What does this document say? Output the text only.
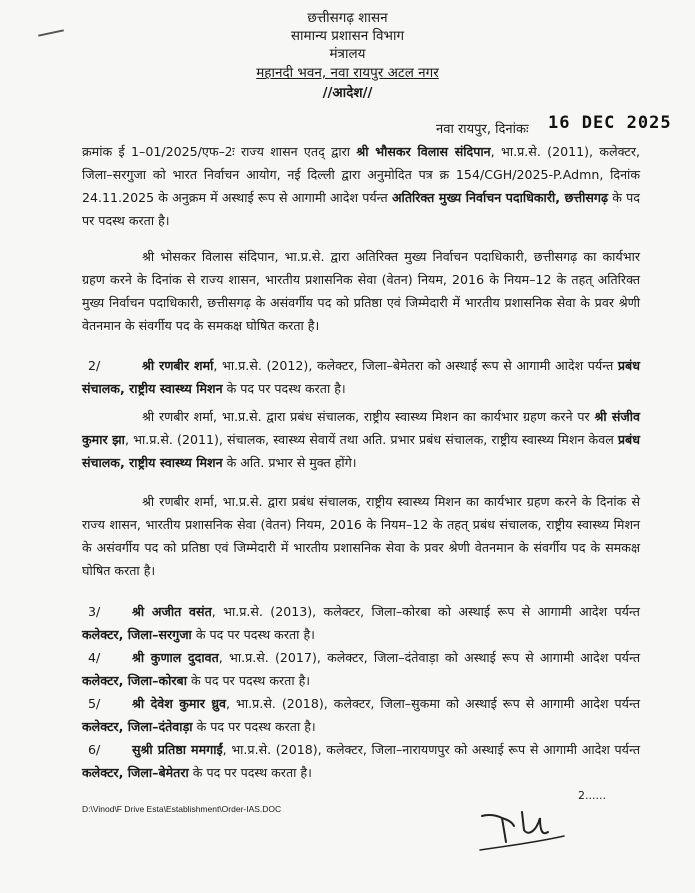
छत्तीसगढ़ शासन
सामान्य प्रशासन विभाग
मंत्रालय
महानदी भवन, नवा रायपुर अटल नगर
//आदेश//
नवा रायपुर, दिनांकः 16 DEC 2025
क्रमांक ई 1–01/2025/एफ–2ः राज्य शासन एतद् द्वारा श्री भौसकर विलास संदिपान, भा.प्र.से. (2011), कलेक्टर, जिला–सरगुजा को भारत निर्वाचन आयोग, नई दिल्ली द्वारा अनुमोदित पत्र क्र 154/CGH/2025-P.Admn, दिनांक 24.11.2025 के अनुक्रम में अस्थाई रूप से आगामी आदेश पर्यन्त अतिरिक्त मुख्य निर्वाचन पदाधिकारी, छत्तीसगढ़ के पद पर पदस्थ करता है।
श्री भोसकर विलास संदिपान, भा.प्र.से. द्वारा अतिरिक्त मुख्य निर्वाचन पदाधिकारी, छत्तीसगढ़ का कार्यभार ग्रहण करने के दिनांक से राज्य शासन, भारतीय प्रशासनिक सेवा (वेतन) नियम, 2016 के नियम–12 के तहत् अतिरिक्त मुख्य निर्वाचन पदाधिकारी, छत्तीसगढ़ के असंवर्गीय पद को प्रतिष्ठा एवं जिम्मेदारी में भारतीय प्रशासनिक सेवा के प्रवर श्रेणी वेतनमान के संवर्गीय पद के समकक्ष घोषित करता है।
2/	श्री रणबीर शर्मा, भा.प्र.से. (2012), कलेक्टर, जिला–बेमेतरा को अस्थाई रूप से आगामी आदेश पर्यन्त प्रबंध संचालक, राष्ट्रीय स्वास्थ्य मिशन के पद पर पदस्थ करता है।
श्री रणबीर शर्मा, भा.प्र.से. द्वारा प्रबंध संचालक, राष्ट्रीय स्वास्थ्य मिशन का कार्यभार ग्रहण करने पर श्री संजीव कुमार झा, भा.प्र.से. (2011), संचालक, स्वास्थ्य सेवायें तथा अति. प्रभार प्रबंध संचालक, राष्ट्रीय स्वास्थ्य मिशन केवल प्रबंध संचालक, राष्ट्रीय स्वास्थ्य मिशन के अति. प्रभार से मुक्त होंगे।
श्री रणबीर शर्मा, भा.प्र.से. द्वारा प्रबंध संचालक, राष्ट्रीय स्वास्थ्य मिशन का कार्यभार ग्रहण करने के दिनांक से राज्य शासन, भारतीय प्रशासनिक सेवा (वेतन) नियम, 2016 के नियम–12 के तहत् प्रबंध संचालक, राष्ट्रीय स्वास्थ्य मिशन के असंवर्गीय पद को प्रतिष्ठा एवं जिम्मेदारी में भारतीय प्रशासनिक सेवा के प्रवर श्रेणी वेतनमान के संवर्गीय पद के समकक्ष घोषित करता है।
3/	श्री अजीत वसंत, भा.प्र.से. (2013), कलेक्टर, जिला–कोरबा को अस्थाई रूप से आगामी आदेश पर्यन्त कलेक्टर, जिला–सरगुजा के पद पर पदस्थ करता है।
4/	श्री कुणाल दुदावत, भा.प्र.से. (2017), कलेक्टर, जिला–दंतेवाड़ा को अस्थाई रूप से आगामी आदेश पर्यन्त कलेक्टर, जिला–कोरबा के पद पर पदस्थ करता है।
5/	श्री देवेश कुमार ध्रुव, भा.प्र.से. (2018), कलेक्टर, जिला–सुकमा को अस्थाई रूप से आगामी आदेश पर्यन्त कलेक्टर, जिला–दंतेवाड़ा के पद पर पदस्थ करता है।
6/	सुश्री प्रतिष्ठा ममगाईं, भा.प्र.से. (2018), कलेक्टर, जिला–नारायणपुर को अस्थाई रूप से आगामी आदेश पर्यन्त कलेक्टर, जिला–बेमेतरा के पद पर पदस्थ करता है।
2......
D:\Vinod\F Drive Esta\Establishment\Order-IAS.DOC
